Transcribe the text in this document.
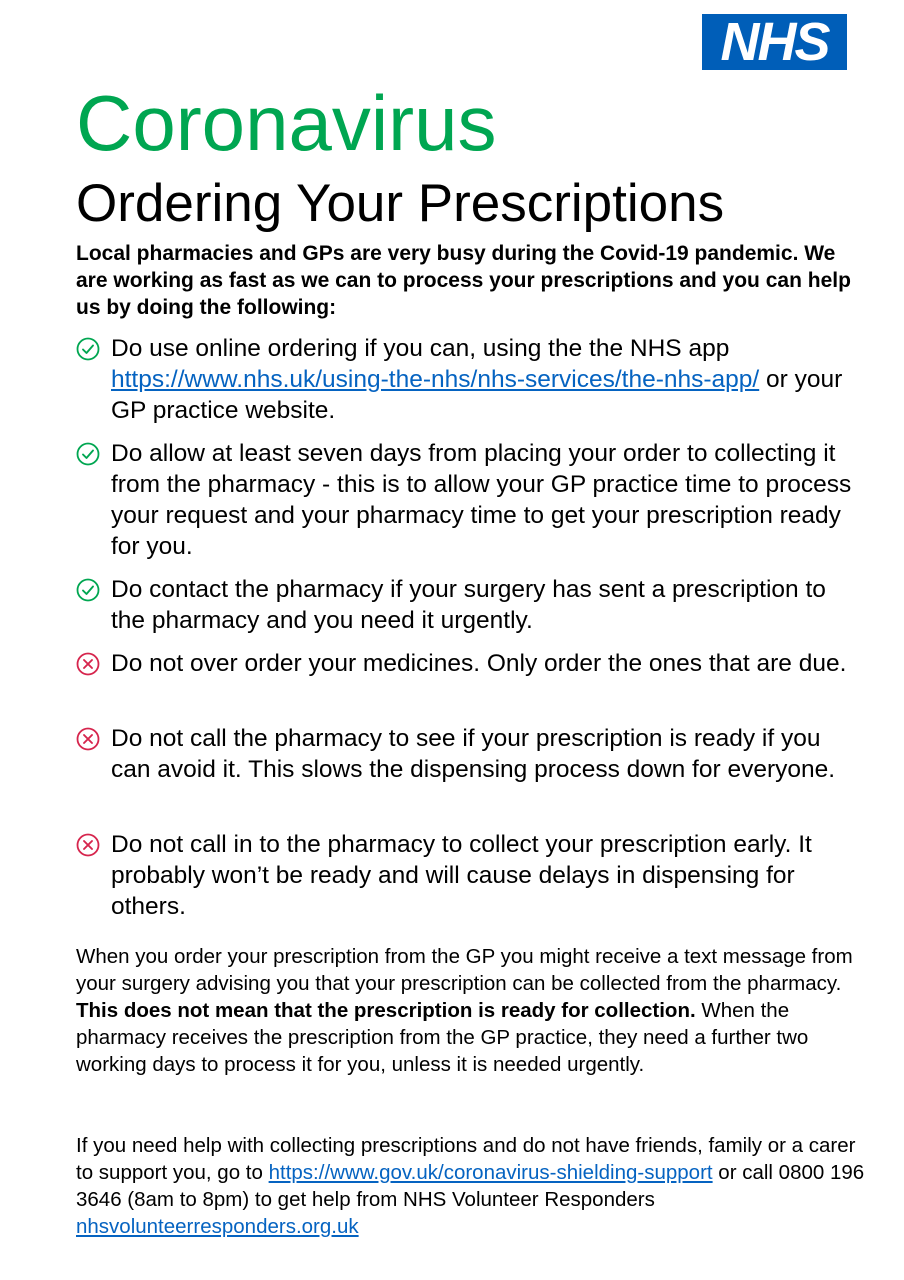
NHS
Coronavirus
Ordering Your Prescriptions

Local pharmacies and GPs are very busy during the Covid-19 pandemic. We are working as fast as we can to process your prescriptions and you can help us by doing the following:

Do use online ordering if you can, using the the NHS app https://www.nhs.uk/using-the-nhs/nhs-services/the-nhs-app/ or your GP practice website.
Do allow at least seven days from placing your order to collecting it from the pharmacy - this is to allow your GP practice time to process your request and your pharmacy time to get your prescription ready for you.
Do contact the pharmacy if your surgery has sent a prescription to the pharmacy and you need it urgently.
Do not over order your medicines. Only order the ones that are due.
Do not call the pharmacy to see if your prescription is ready if you can avoid it. This slows the dispensing process down for everyone.
Do not call in to the pharmacy to collect your prescription early. It probably won’t be ready and will cause delays in dispensing for others.

When you order your prescription from the GP you might receive a text message from your surgery advising you that your prescription can be collected from the pharmacy. This does not mean that the prescription is ready for collection. When the pharmacy receives the prescription from the GP practice, they need a further two working days to process it for you, unless it is needed urgently.

If you need help with collecting prescriptions and do not have friends, family or a carer to support you, go to https://www.gov.uk/coronavirus-shielding-support or call 0800 196 3646 (8am to 8pm) to get help from NHS Volunteer Responders nhsvolunteerresponders.org.uk
